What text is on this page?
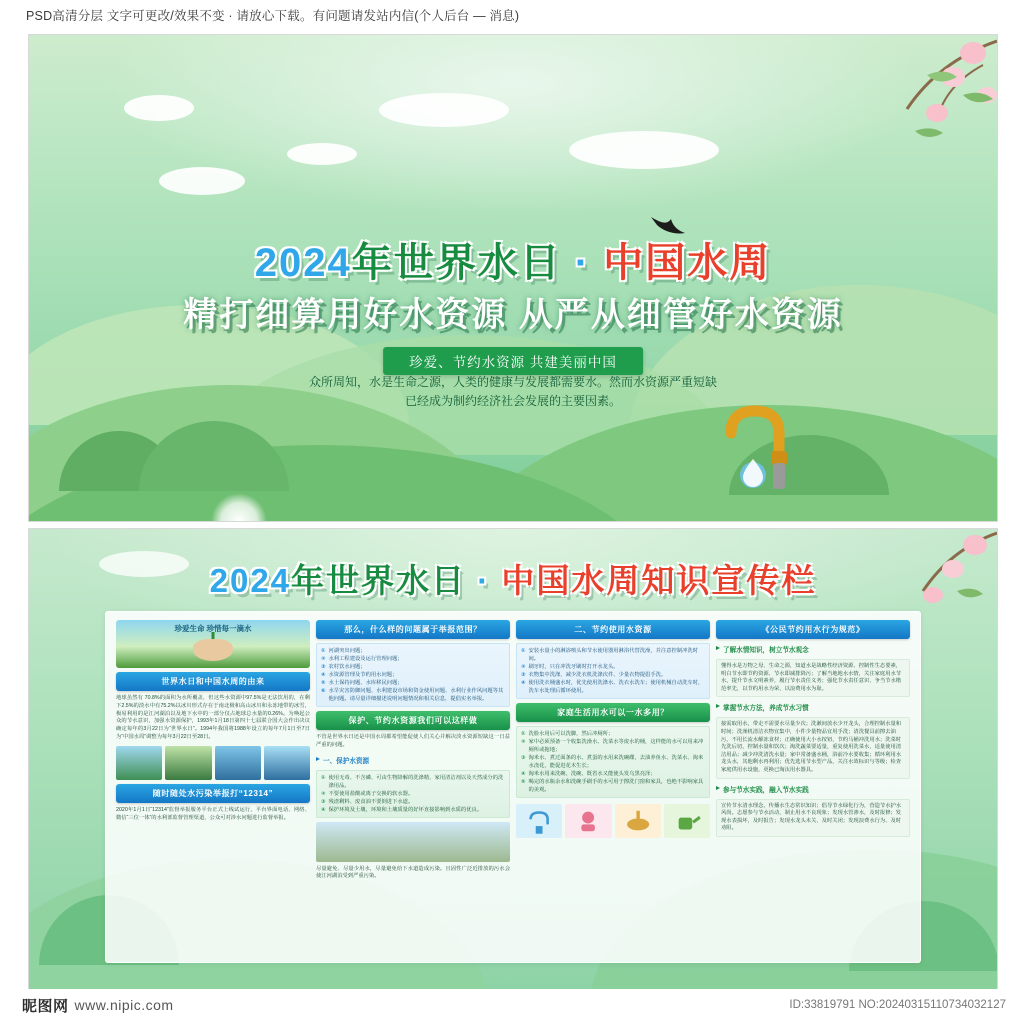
PSD高清分层 文字可更改/效果不变 · 请放心下载。有问题请发站内信(个人后台 — 消息)
2024年世界水日 · 中国水周
精打细算用好水资源 从严从细管好水资源
珍爱、节约水资源 共建美丽中国
众所周知，水是生命之源，人类的健康与发展都需要水。然而水资源严重短缺
已经成为制约经济社会发展的主要因素。
2024年世界水日 · 中国水周知识宣传栏
珍爱生命 珍惜每一滴水
世界水日和中国水周的由来
地球虽然有 70.8%的面积为水所覆盖，但这些水资源中97.5%是无法饮用的，在剩下2.5%的淡水中有75.2%以冰川形式存在于南北极和高山冰川和永冻地带的冰雪，极易利用的是江河湖泊以及地下水中的一部分仅占地球总水量的0.26%。为唤起公众的节水意识，加强水资源保护，1993年1月18日第四十七届联合国大会作出决议确定每年的3月22日为“世界水日”。1994年我国将1988年设立的每年7月1日至7日为“中国水周”调整为每年3月22日至28日。
随时随处水污染举报打“12314”
2020年1月1日“12314”监督举报服务平台正式上线试运行，平台界面电话、网络、微信“三位一体”的水利部监督管理渠道，公众可对涉水问题进行监督举报。
那么，什么样的问题属于举报范围？
① 河湖突出问题；
② 水利工程建设及运行管理问题；
③ 农村饮水问题；
④ 水资源管理及节约用水问题；
⑤ 水土保持问题、水库移民问题；
⑥ 水旱灾害防御问题、水利建设市场和资金使用问题、水利行业作风问题等其他问题。请尽量详细描述说明问题情况和相关信息，提倡实名举报。
保护、节约水资源我们可以这样做
不管是世界水日还是中国水周都希望能促使人们关心并解决淡水资源短缺这一日益严重的问题。
一、保护水资源
① 使用无毒、不含磷、可由生物降解的洗涤精、家用清洁剂以及天然成分的洗涤用品。
② 不要使用盐酸或离子交换的软水器。
③ 残渣剩料、废食油不要倒进下水道。
④ 保护环境及土壤，环境和土壤质量的好坏直接影响到水质的优良。
尽量避免、尽量少用水，尽量避免给下水道造成污染。且固性广泛近排放的污水会使江河湖泊受到严重污染。
二、节约使用水资源
① 安装水量小的淋浴喷头和节水使用器用淋浴代替洗澡，并注意控制冲洗时间。
② 刷牙时，只在冲洗牙刷时打开水龙头。
③ 衣物集中洗涤，减少洗衣机洗涤次件、少量衣物提倡手洗。
④ 使用洗衣桶盛水时，优先使用洗涤水、洗衣水洗车；使用机械自动洗车时，洗车水处理后循环使用。
家庭生活用水可以一水多用？
① 洗脸水用后可以洗脚，然后冲厕所；
② 家中必须预备一个收集洗澡水、洗菜水等废水的桶，这样能的水可以用来冲厕所或拖地；
③ 淘米水、煮过面条的水、煮蛋的水用来洗碗碟，去油养鱼水、洗菜水、淘米水浇花，能促进花木生长；
④ 淘米水用来洗碗、洗碗、既省水又能使头发乌黑亮泽；
⑤ 喝完的水瓶余水和洗碗手刷手的水可用于擦洗门窗和家具，也绝不影响家具的美观。
《公民节约用水行为规范》
了解水情知识，树立节水观念
懂得水是万物之母、生命之源，知道水是战略性经济资源、控制性生态要素，明白节水即节约资源、节水即减排降污；了解当地地水水情，关注家庭用水节水，提升节水文明素养，履行节水责任义务；强化节水责任意识、争当节水楷范率先，以节约用水为荣，以浪费用水为耻。
掌握节水方法，养成节水习惯
接需取用水，带走不需要水尽量少次；洗漱间放水少开龙头，合理控制水量和时间；洗澡机清洁衣物宜集中，小件少量物品宜用手洗；清洗餐具前擦去油污，不用长流水解冻食材；正确使用大小水按钮，节约马桶冲洗用水；洗菜时先洗后切，控制水量和饮次；淘洗蔬菜要适量，重复使用洗菜水，适量使用清洁用品；减少冲洗清洗水量；家中常备盛水桶，浴前冷水要收集；循环利用水龙头水，其他剩水再利用；优先选用节水型产品，关注水效标识与等级；检查家庭供用水设施，更换已淘汰用水器具。
参与节水实践，融入节水实践
宣传节水清水理念，传播水生态常识知识；倡导节水绿化行为，营造节水护水风尚。志愿参与节水活动，制止用水不良现象；发现水管渗水，及时报修；发现水表损坏，及时报告；发现水龙头未关、及时关闭；发现浪费水行为、及时劝阻。
昵图网 www.nipic.com	ID:33819791 NO:20240315110734032127
